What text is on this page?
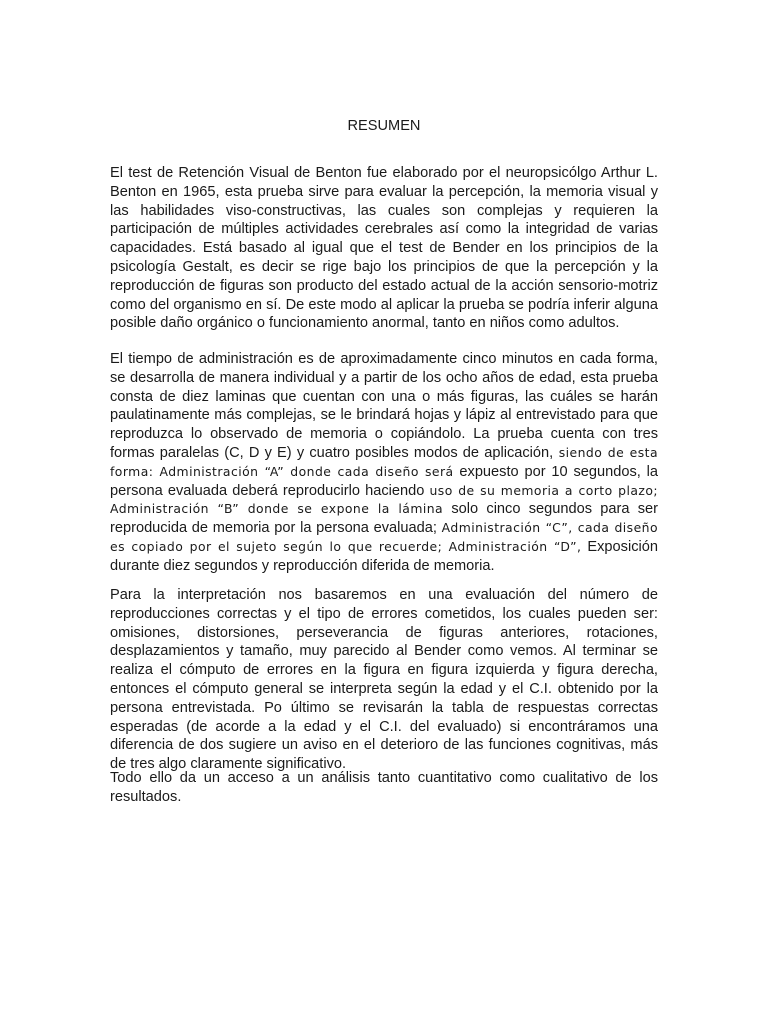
RESUMEN

El test de Retención Visual de Benton fue elaborado por el neuropsicólgo Arthur L. Benton en 1965, esta prueba sirve para evaluar la percepción, la memoria visual y las habilidades viso-constructivas, las cuales son complejas y requieren la participación de múltiples actividades cerebrales así como la integridad de varias capacidades. Está basado al igual que el test de Bender en los principios de la psicología Gestalt, es decir se rige bajo los principios de que la percepción y la reproducción de figuras son producto del estado actual de la acción sensorio-motriz como del organismo en sí. De este modo al aplicar la prueba se podría inferir alguna posible daño orgánico o funcionamiento anormal, tanto en niños como adultos.

El tiempo de administración es de aproximadamente cinco minutos en cada forma, se desarrolla de manera individual y a partir de los ocho años de edad, esta prueba consta de diez laminas que cuentan con una o más figuras, las cuáles se harán paulatinamente más complejas, se le brindará hojas y lápiz al entrevistado para que reproduzca lo observado de memoria o copiándolo. La prueba cuenta con tres formas paralelas (C, D y E) y cuatro posibles modos de aplicación, siendo de esta forma: Administración “A” donde cada diseño será expuesto por 10 segundos, la persona evaluada deberá reproducirlo haciendo uso de su memoria a corto plazo; Administración “B” donde se expone la lámina solo cinco segundos para ser reproducida de memoria por la persona evaluada; Administración “C”, cada diseño es copiado por el sujeto según lo que recuerde; Administración “D”, Exposición durante diez segundos y reproducción diferida de memoria.

Para la interpretación nos basaremos en una evaluación del número de reproducciones correctas y el tipo de errores cometidos, los cuales pueden ser: omisiones, distorsiones, perseverancia de figuras anteriores, rotaciones, desplazamientos y tamaño, muy parecido al Bender como vemos. Al terminar se realiza el cómputo de errores en la figura en figura izquierda y figura derecha, entonces el cómputo general se interpreta según la edad y el C.I. obtenido por la persona entrevistada. Po último se revisarán la tabla de respuestas correctas esperadas (de acorde a la edad y el C.I. del evaluado) si encontráramos una diferencia de dos sugiere un aviso en el deterioro de las funciones cognitivas, más de tres algo claramente significativo.

Todo ello da un acceso a un análisis tanto cuantitativo como cualitativo de los resultados.
